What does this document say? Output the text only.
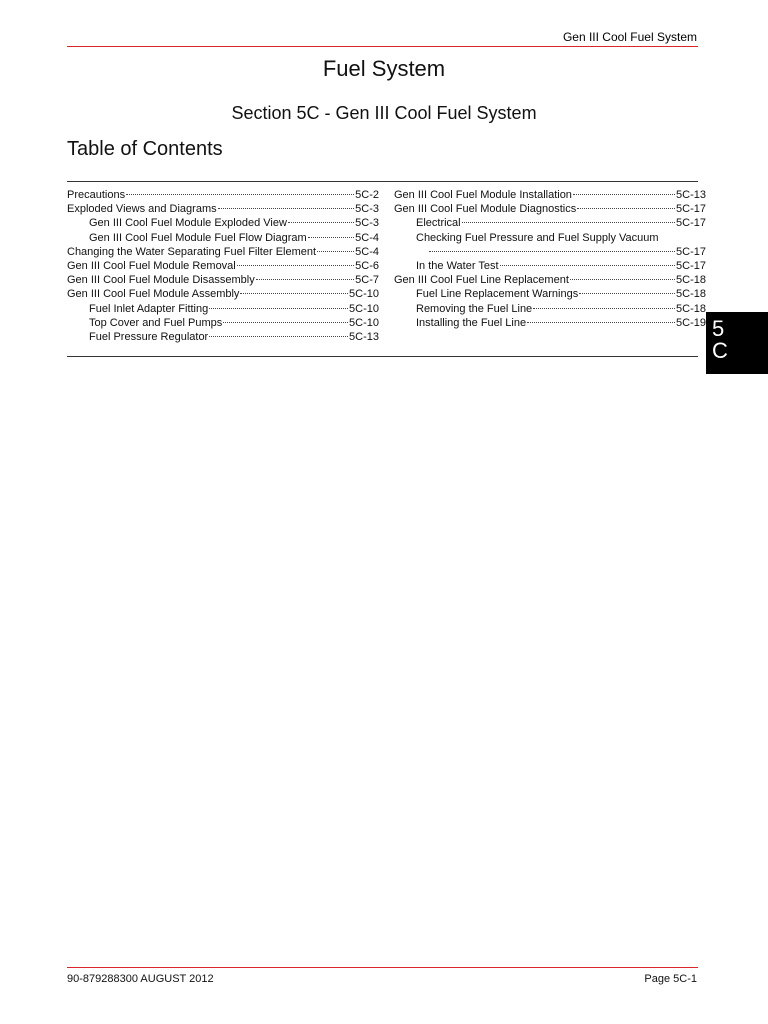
Gen III Cool Fuel System
Fuel System
Section 5C - Gen III Cool Fuel System
Table of Contents
Precautions	5C-2
Exploded Views and Diagrams	5C-3
Gen III Cool Fuel Module Exploded View	5C-3
Gen III Cool Fuel Module Fuel Flow Diagram	5C-4
Changing the Water Separating Fuel Filter Element	5C-4
Gen III Cool Fuel Module Removal	5C-6
Gen III Cool Fuel Module Disassembly	5C-7
Gen III Cool Fuel Module Assembly	5C-10
Fuel Inlet Adapter Fitting	5C-10
Top Cover and Fuel Pumps	5C-10
Fuel Pressure Regulator	5C-13
Gen III Cool Fuel Module Installation	5C-13
Gen III Cool Fuel Module Diagnostics	5C-17
Electrical	5C-17
Checking Fuel Pressure and Fuel Supply Vacuum
5C-17
In the Water Test	5C-17
Gen III Cool Fuel Line Replacement	5C-18
Fuel Line Replacement Warnings	5C-18
Removing the Fuel Line	5C-18
Installing the Fuel Line	5C-19 5
C
90-879288300 AUGUST 2012	Page 5C-1
